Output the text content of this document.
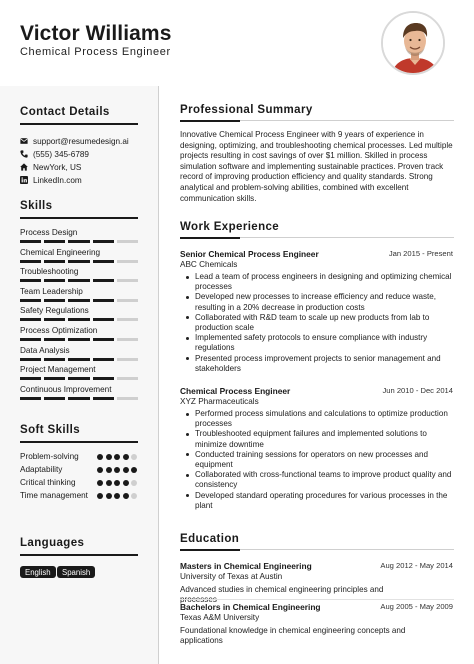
Victor Williams
Chemical Process Engineer
Contact Details
support@resumedesign.ai
(555) 345-6789
NewYork, US
LinkedIn.com
Skills
Process Design
Chemical Engineering
Troubleshooting
Team Leadership
Safety Regulations
Process Optimization
Data Analysis
Project Management
Continuous Improvement
Soft Skills
Problem-solving
Adaptability
Critical thinking
Time management
Languages
English	Spanish
Professional Summary
Innovative Chemical Process Engineer with 9 years of experience in designing, optimizing, and troubleshooting chemical processes. Led multiple projects resulting in cost savings of over $1 million. Skilled in process simulation software and implementing sustainable practices. Proven track record of improving production efficiency and quality standards. Strong analytical and problem-solving abilities, combined with excellent communication skills.
Work Experience
Senior Chemical Process Engineer	Jan 2015 - Present
ABC Chemicals
Lead a team of process engineers in designing and optimizing chemical processes
Developed new processes to increase efficiency and reduce waste, resulting in a 20% decrease in production costs
Collaborated with R&D team to scale up new products from lab to production scale
Implemented safety protocols to ensure compliance with industry regulations
Presented process improvement projects to senior management and stakeholders
Chemical Process Engineer	Jun 2010 - Dec 2014
XYZ Pharmaceuticals
Performed process simulations and calculations to optimize production processes
Troubleshooted equipment failures and implemented solutions to minimize downtime
Conducted training sessions for operators on new processes and equipment
Collaborated with cross-functional teams to improve product quality and consistency
Developed standard operating procedures for various processes in the plant
Education
Masters in Chemical Engineering	Aug 2012 - May 2014
University of Texas at Austin
Advanced studies in chemical engineering principles and
Bachelors in Chemical Engineering	Aug 2005 - May 2009
Texas A&M University
Foundational knowledge in chemical engineering concepts and applications
